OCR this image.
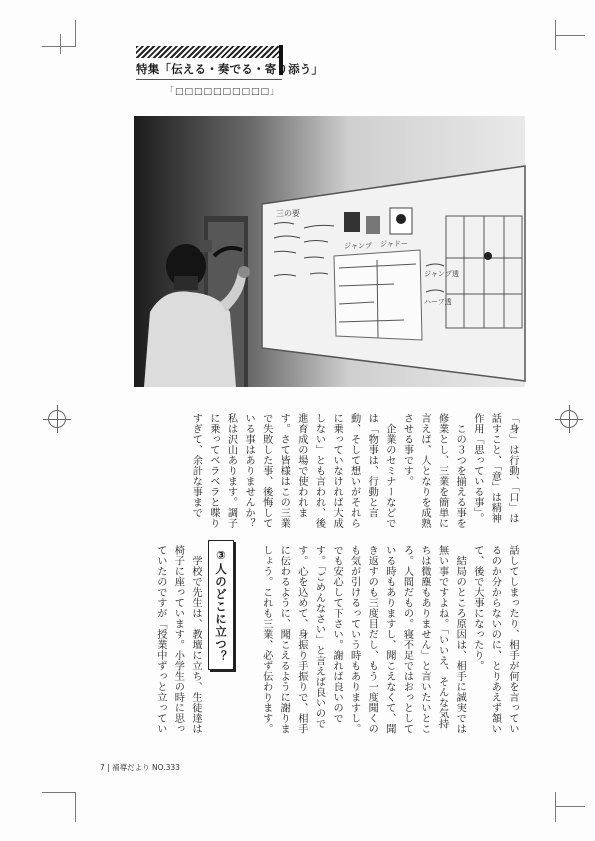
特集「伝える・奏でる・寄り添う」
「□□□□□□□□□□」
三の要
ジャンプ ジャドー
ジャンプ透
ハーフ透
「身」は行動、「口」は話すこと、「意」は精神作用「思っている事」。
　この３つを揃える事を修業とし、三業を簡単に言えば、人となりを成熟させる事です。
　企業のセミナーなどでは「物事は、行動と言動、そして想いがそれらに乗っていなければ大成しない」とも言われ、後進育成の場で使われます。さて皆様はこの三業で失敗した事、後悔している事はありませんか？私は沢山あります。調子に乗ってベラベラと喋りすぎて、余計な事まで
話してしまったり、相手が何を言っているのか分からないのに、とりあえず頷いて、後で大事になったり。
　結局のところ原因は、相手に誠実では無い事ですよね。「いいえ、そんな気持ちは微塵もありません」と言いたいところ。人間だもの。寝不足ではおっとしている時もありますし、聞こえなくて、聞き返すのも三度目だし、もう一度聞くのも気が引けるっていう時もありますし。でも安心して下さい。謝れば良いのです。「ごめんなさい」と言えば良いのです。心を込めて、身振り手振りで、相手に伝わるように、聞こえるように謝りましょう。これも三業、必ず伝わります。
③人のどこに立つ？
　学校で先生は、教壇に立ち、生徒達は椅子に座っています。小学生の時に思っていたのですが「授業中ずっと立ってい
7 | 補導だより NO.333
